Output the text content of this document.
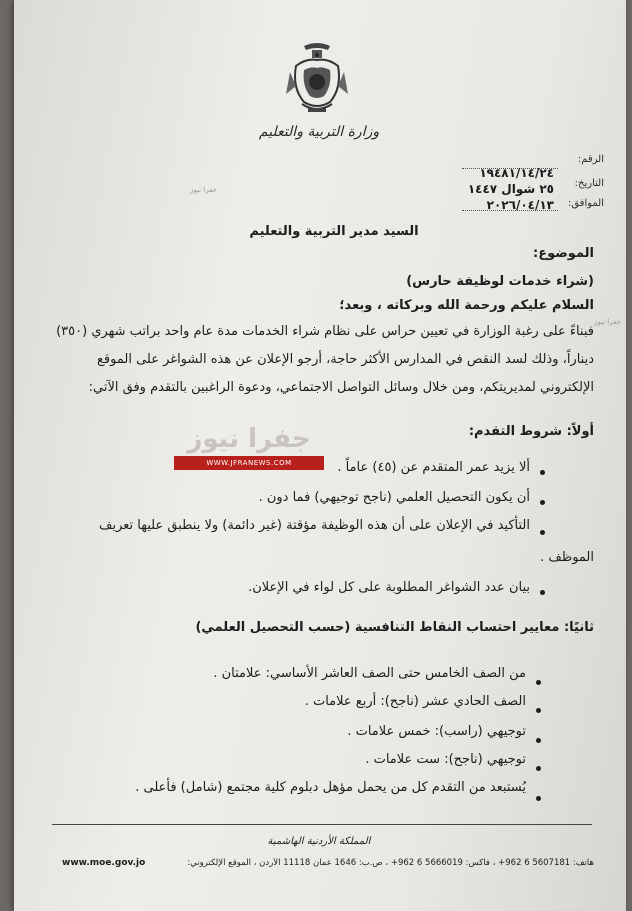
وزارة التربية والتعليم
الرقم:
١٩٤٨١/١٤/٢٤
التاريخ:
٢٥ شوال ١٤٤٧
الموافق:
٢٠٢٦/٠٤/١٣
السيد مدير التربية والتعليم
الموضوع:
(شراء خدمات لوظيفة حارس)
السلام عليكم ورحمة الله وبركاته ، وبعد؛
فبناءً على رغبة الوزارة في تعيين حراس على نظام شراء الخدمات مدة عام واحد براتب شهري (٣٥٠)
ديناراً، وذلك لسد النقص في المدارس الأكثر حاجة، أرجو الإعلان عن هذه الشواغر على الموقع
الإلكتروني لمديريتكم، ومن خلال وسائل التواصل الاجتماعي، ودعوة الراغبين بالتقدم وفق الآتي:
أولاً: شروط التقدم:
ألا يزيد عمر المتقدم عن (٤٥) عاماً .
أن يكون التحصيل العلمي (ناجح توجيهي) فما دون .
التأكيد في الإعلان على أن هذه الوظيفة مؤقتة (غير دائمة) ولا ينطبق عليها تعريف
الموظف .
بيان عدد الشواغر المطلوبة على كل لواء في الإعلان.
ثانيًا: معايير احتساب النقاط التنافسية (حسب التحصيل العلمي)
من الصف الخامس حتى الصف العاشر الأساسي: علامتان .
الصف الحادي عشر (ناجح): أربع علامات .
توجيهي (راسب): خمس علامات .
توجيهي (ناجح): ست علامات .
يُستبعد من التقدم كل من يحمل مؤهل دبلوم كلية مجتمع (شامل) فأعلى .
جفرا نيوز
WWW.JFRANEWS.COM
المملكة الأردنية الهاشمية
هاتف: 5607181 6 962+ ، فاكس: 5666019 6 962+ ، ص.ب: 1646 عمان 11118 الأردن ، الموقع الإلكتروني:
www.moe.gov.jo
جفرا نيوز
جفرا نيوز
